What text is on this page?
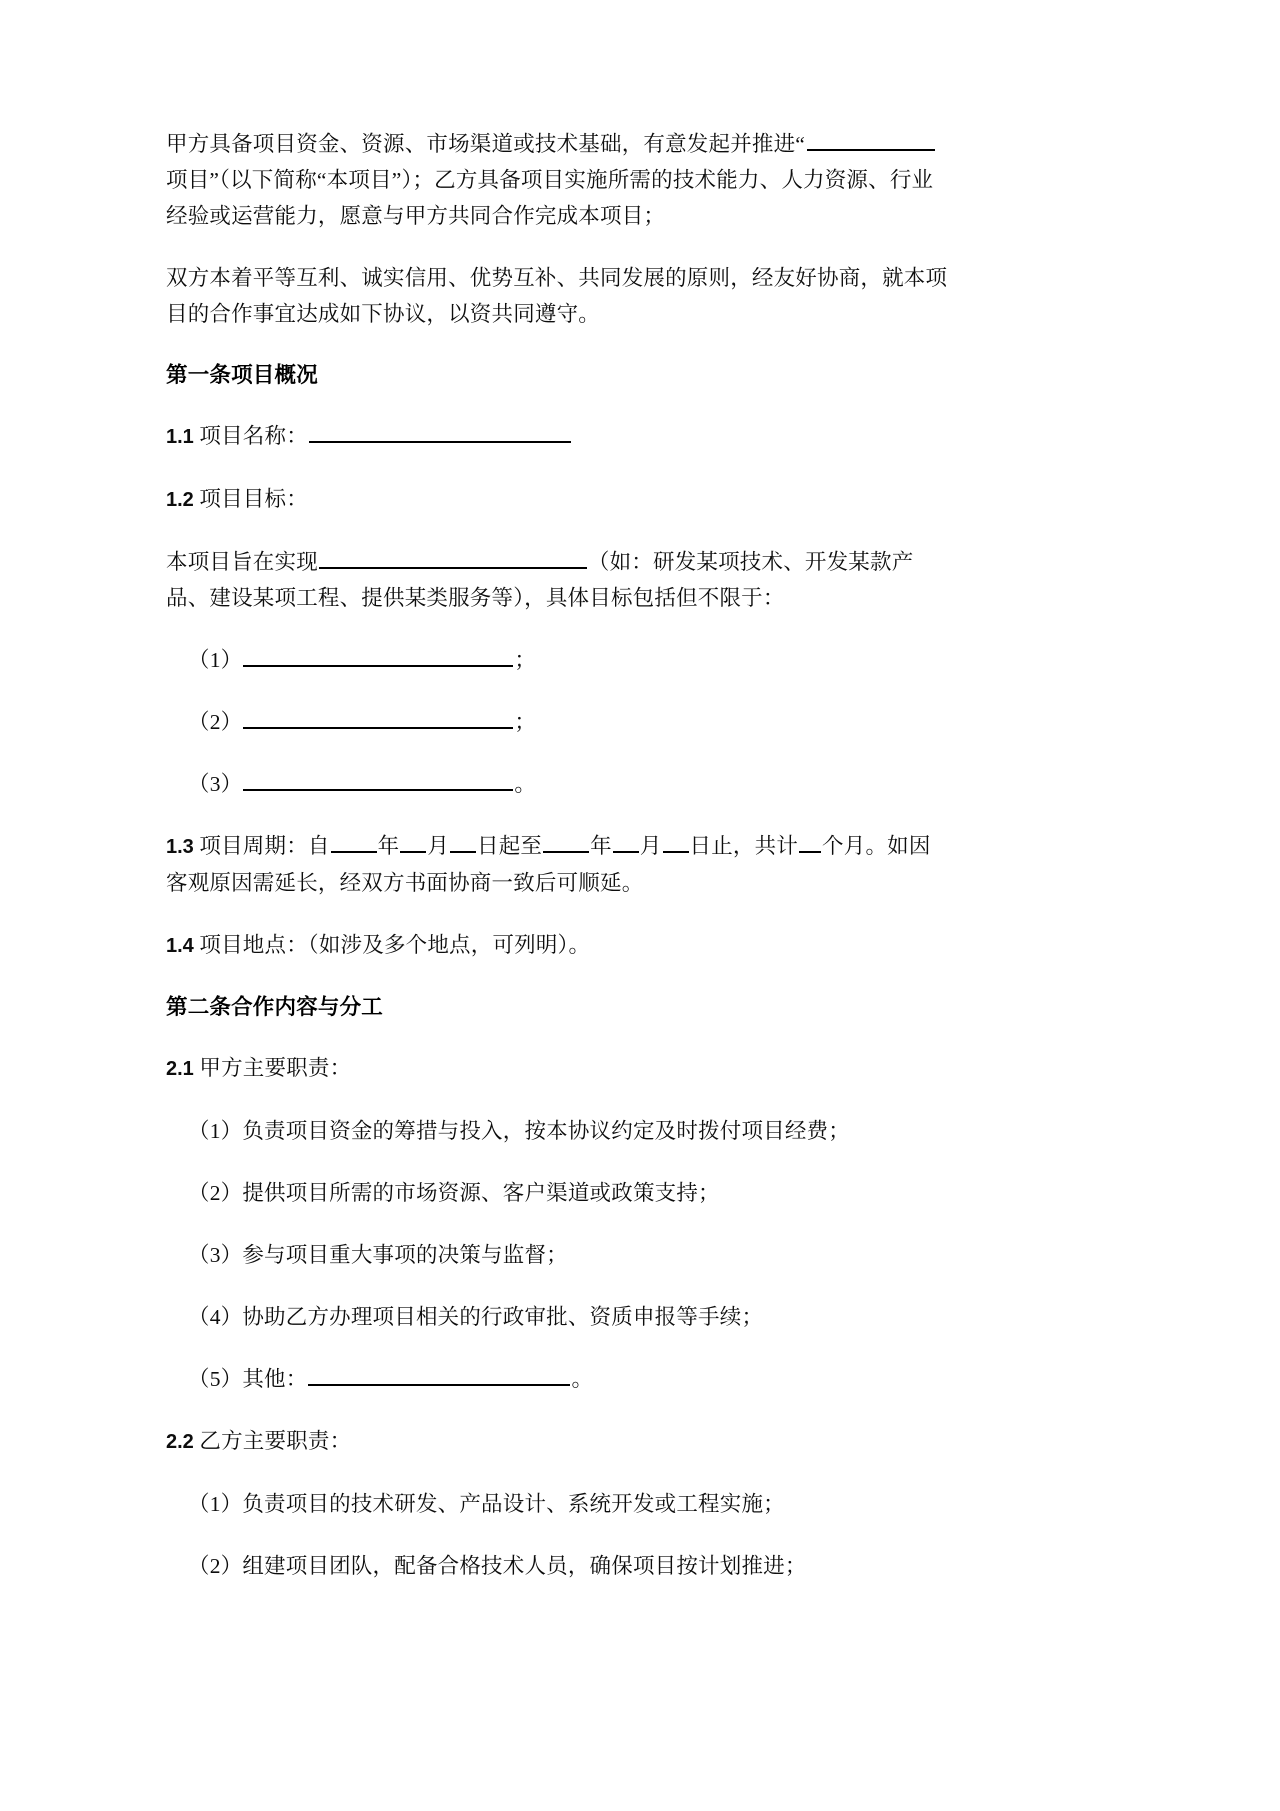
甲方具备项目资金、资源、市场渠道或技术基础，有意发起并推进“项目”（以下简称“本项目”）；乙方具备项目实施所需的技术能力、人力资源、行业经验或运营能力，愿意与甲方共同合作完成本项目；

双方本着平等互利、诚实信用、优势互补、共同发展的原则，经友好协商，就本项目的合作事宜达成如下协议，以资共同遵守。

第一条项目概况

1.1 项目名称：

1.2 项目目标：

本项目旨在实现	（如：研发某项技术、开发某款产品、建设某项工程、提供某类服务等），具体目标包括但不限于：

（1）	；

（2）	；

（3）	。

1.3 项目周期：自 年 月 日起至 年 月 日止，共计 个月。如因客观原因需延长，经双方书面协商一致后可顺延。

1.4 项目地点：（如涉及多个地点，可列明）。

第二条合作内容与分工

2.1 甲方主要职责：

（1）负责项目资金的筹措与投入，按本协议约定及时拨付项目经费；

（2）提供项目所需的市场资源、客户渠道或政策支持；

（3）参与项目重大事项的决策与监督；

（4）协助乙方办理项目相关的行政审批、资质申报等手续；

（5）其他：	。

2.2 乙方主要职责：

（1）负责项目的技术研发、产品设计、系统开发或工程实施；

（2）组建项目团队，配备合格技术人员，确保项目按计划推进；
